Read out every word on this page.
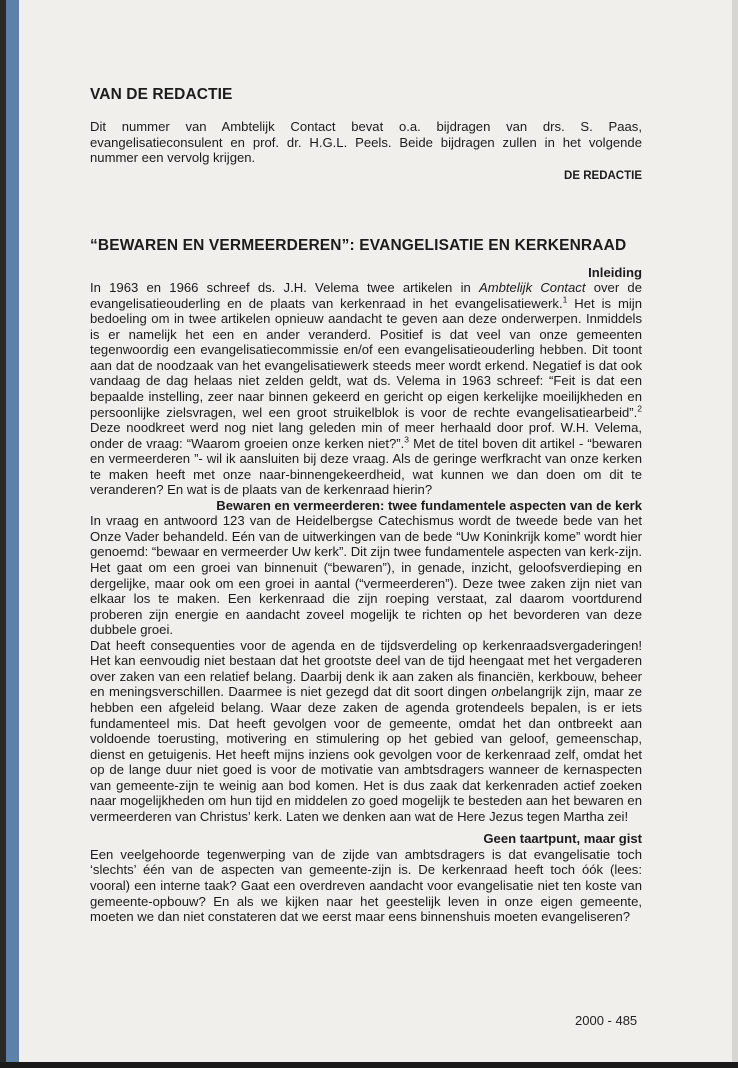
VAN DE REDACTIE

Dit nummer van Ambtelijk Contact bevat o.a. bijdragen van drs. S. Paas, evangelisatieconsulent en prof. dr. H.G.L. Peels. Beide bijdragen zullen in het volgende nummer een vervolg krijgen.

DE REDACTIE
“BEWAREN EN VERMEERDEREN”: EVANGELISATIE EN KERKENRAAD
Inleiding

In 1963 en 1966 schreef ds. J.H. Velema twee artikelen in Ambtelijk Contact over de evangelisatieouderling en de plaats van kerkenraad in het evangelisatiewerk.$^1$ Het is mijn bedoeling om in twee artikelen opnieuw aandacht te geven aan deze onderwerpen. Inmiddels is er namelijk het een en ander veranderd. Positief is dat veel van onze gemeenten tegenwoordig een evangelisatiecommissie en/of een evangelisatieouderling hebben. Dit toont aan dat de noodzaak van het evangelisatiewerk steeds meer wordt erkend. Negatief is dat ook vandaag de dag helaas niet zelden geldt, wat ds. Velema in 1963 schreef: “Feit is dat een bepaalde instelling, zeer naar binnen gekeerd en gericht op eigen kerkelijke moeilijkheden en persoonlijke zielsvragen, wel een groot struikelblok is voor de rechte evangelisatiearbeid”.$^2$ Deze noodkreet werd nog niet lang geleden min of meer herhaald door prof. W.H. Velema, onder de vraag: “Waarom groeien onze kerken niet?”.$^3$ Met de titel boven dit artikel - “bewaren en vermeerderen ”- wil ik aansluiten bij deze vraag. Als de geringe werfkracht van onze kerken te maken heeft met onze naar-binnengekeerdheid, wat kunnen we dan doen om dit te veranderen? En wat is de plaats van de kerkenraad hierin?

Bewaren en vermeerderen: twee fundamentele aspecten van de kerk

In vraag en antwoord 123 van de Heidelbergse Catechismus wordt de tweede bede van het Onze Vader behandeld. Eén van de uitwerkingen van de bede “Uw Koninkrijk kome” wordt hier genoemd: “bewaar en vermeerder Uw kerk”. Dit zijn twee fundamentele aspecten van kerk-zijn. Het gaat om een groei van binnenuit (“bewaren”), in genade, inzicht, geloofsverdieping en dergelijke, maar ook om een groei in aantal (“vermeerderen”). Deze twee zaken zijn niet van elkaar los te maken. Een kerkenraad die zijn roeping verstaat, zal daarom voortdurend proberen zijn energie en aandacht zoveel mogelijk te richten op het bevorderen van deze dubbele groei.

Dat heeft consequenties voor de agenda en de tijdsverdeling op kerkenraadsvergaderingen! Het kan eenvoudig niet bestaan dat het grootste deel van de tijd heengaat met het vergaderen over zaken van een relatief belang. Daarbij denk ik aan zaken als financiën, kerkbouw, beheer en meningsverschillen. Daarmee is niet gezegd dat dit soort dingen onbelangrijk zijn, maar ze hebben een afgeleid belang. Waar deze zaken de agenda grotendeels bepalen, is er iets fundamenteel mis. Dat heeft gevolgen voor de gemeente, omdat het dan ontbreekt aan voldoende toerusting, motivering en stimulering op het gebied van geloof, gemeenschap, dienst en getuigenis. Het heeft mijns inziens ook gevolgen voor de kerkenraad zelf, omdat het op de lange duur niet goed is voor de motivatie van ambtsdragers wanneer de kernaspecten van gemeente-zijn te weinig aan bod komen. Het is dus zaak dat kerkenraden actief zoeken naar mogelijkheden om hun tijd en middelen zo goed mogelijk te besteden aan het bewaren en vermeerderen van Christus’ kerk. Laten we denken aan wat de Here Jezus tegen Martha zei!

Geen taartpunt, maar gist

Een veelgehoorde tegenwerping van de zijde van ambtsdragers is dat evangelisatie toch ‘slechts’ één van de aspecten van gemeente-zijn is. De kerkenraad heeft toch óók (lees: vooral) een interne taak? Gaat een overdreven aandacht voor evangelisatie niet ten koste van gemeente-opbouw? En als we kijken naar het geestelijk leven in onze eigen gemeente, moeten we dan niet constateren dat we eerst maar eens binnenshuis moeten evangeliseren?

2000 - 485
